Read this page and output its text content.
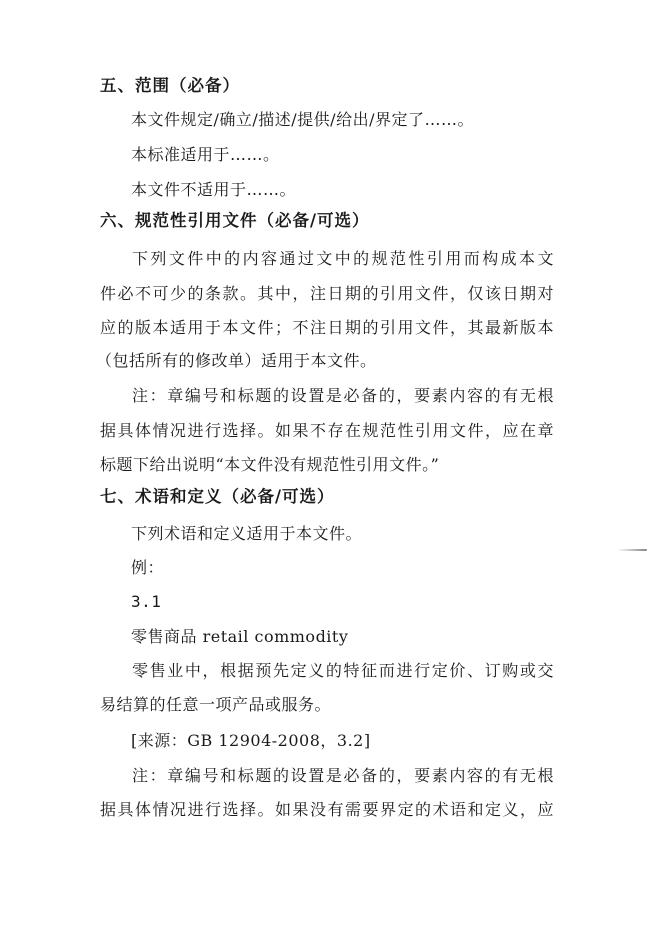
五、范围（必备）
本文件规定/确立/描述/提供/给出/界定了……。
本标准适用于……。
本文件不适用于……。
六、规范性引用文件（必备/可选）
下列文件中的内容通过文中的规范性引用而构成本文
件必不可少的条款。其中，注日期的引用文件，仅该日期对
应的版本适用于本文件；不注日期的引用文件，其最新版本
（包括所有的修改单）适用于本文件。
注：章编号和标题的设置是必备的，要素内容的有无根
据具体情况进行选择。如果不存在规范性引用文件，应在章
标题下给出说明“本文件没有规范性引用文件。”
七、术语和定义（必备/可选）
下列术语和定义适用于本文件。
例：
3.1
零售商品 retail commodity
零售业中，根据预先定义的特征而进行定价、订购或交
易结算的任意一项产品或服务。
[来源：GB 12904-2008，3.2]
注：章编号和标题的设置是必备的，要素内容的有无根
据具体情况进行选择。如果没有需要界定的术语和定义，应
